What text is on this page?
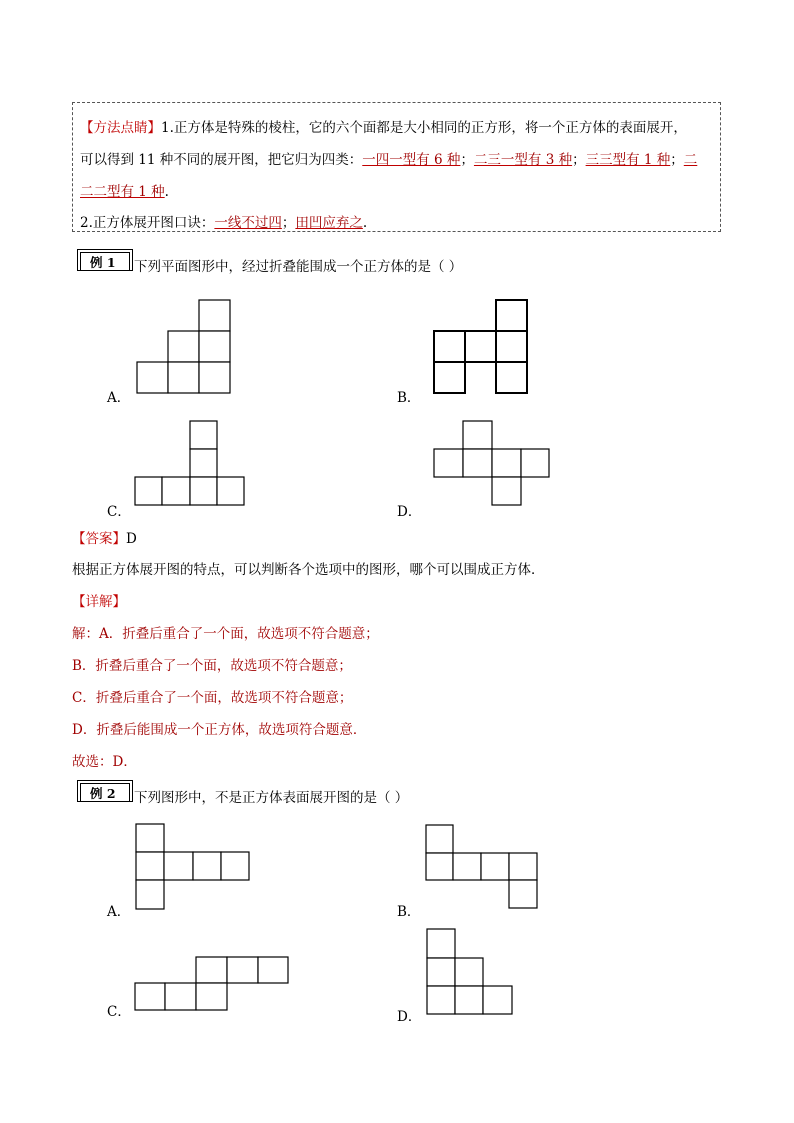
【方法点睛】1.正方体是特殊的棱柱，它的六个面都是大小相同的正方形，将一个正方体的表面展开，
可以得到 11 种不同的展开图，把它归为四类：一四一型有 6 种；二三一型有 3 种；三三型有 1 种；二
二二型有 1 种.
2.正方体展开图口诀：一线不过四；田凹应弃之.
例 1 下列平面图形中，经过折叠能围成一个正方体的是（ ）
A．	B．
C．	D．
【答案】D
根据正方体展开图的特点，可以判断各个选项中的图形，哪个可以围成正方体．
【详解】
解：A．折叠后重合了一个面，故选项不符合题意；
B．折叠后重合了一个面，故选项不符合题意；
C．折叠后重合了一个面，故选项不符合题意；
D．折叠后能围成一个正方体，故选项符合题意．
故选：D．
例 2 下列图形中，不是正方体表面展开图的是（ ）
A．	B．
C．	D．
